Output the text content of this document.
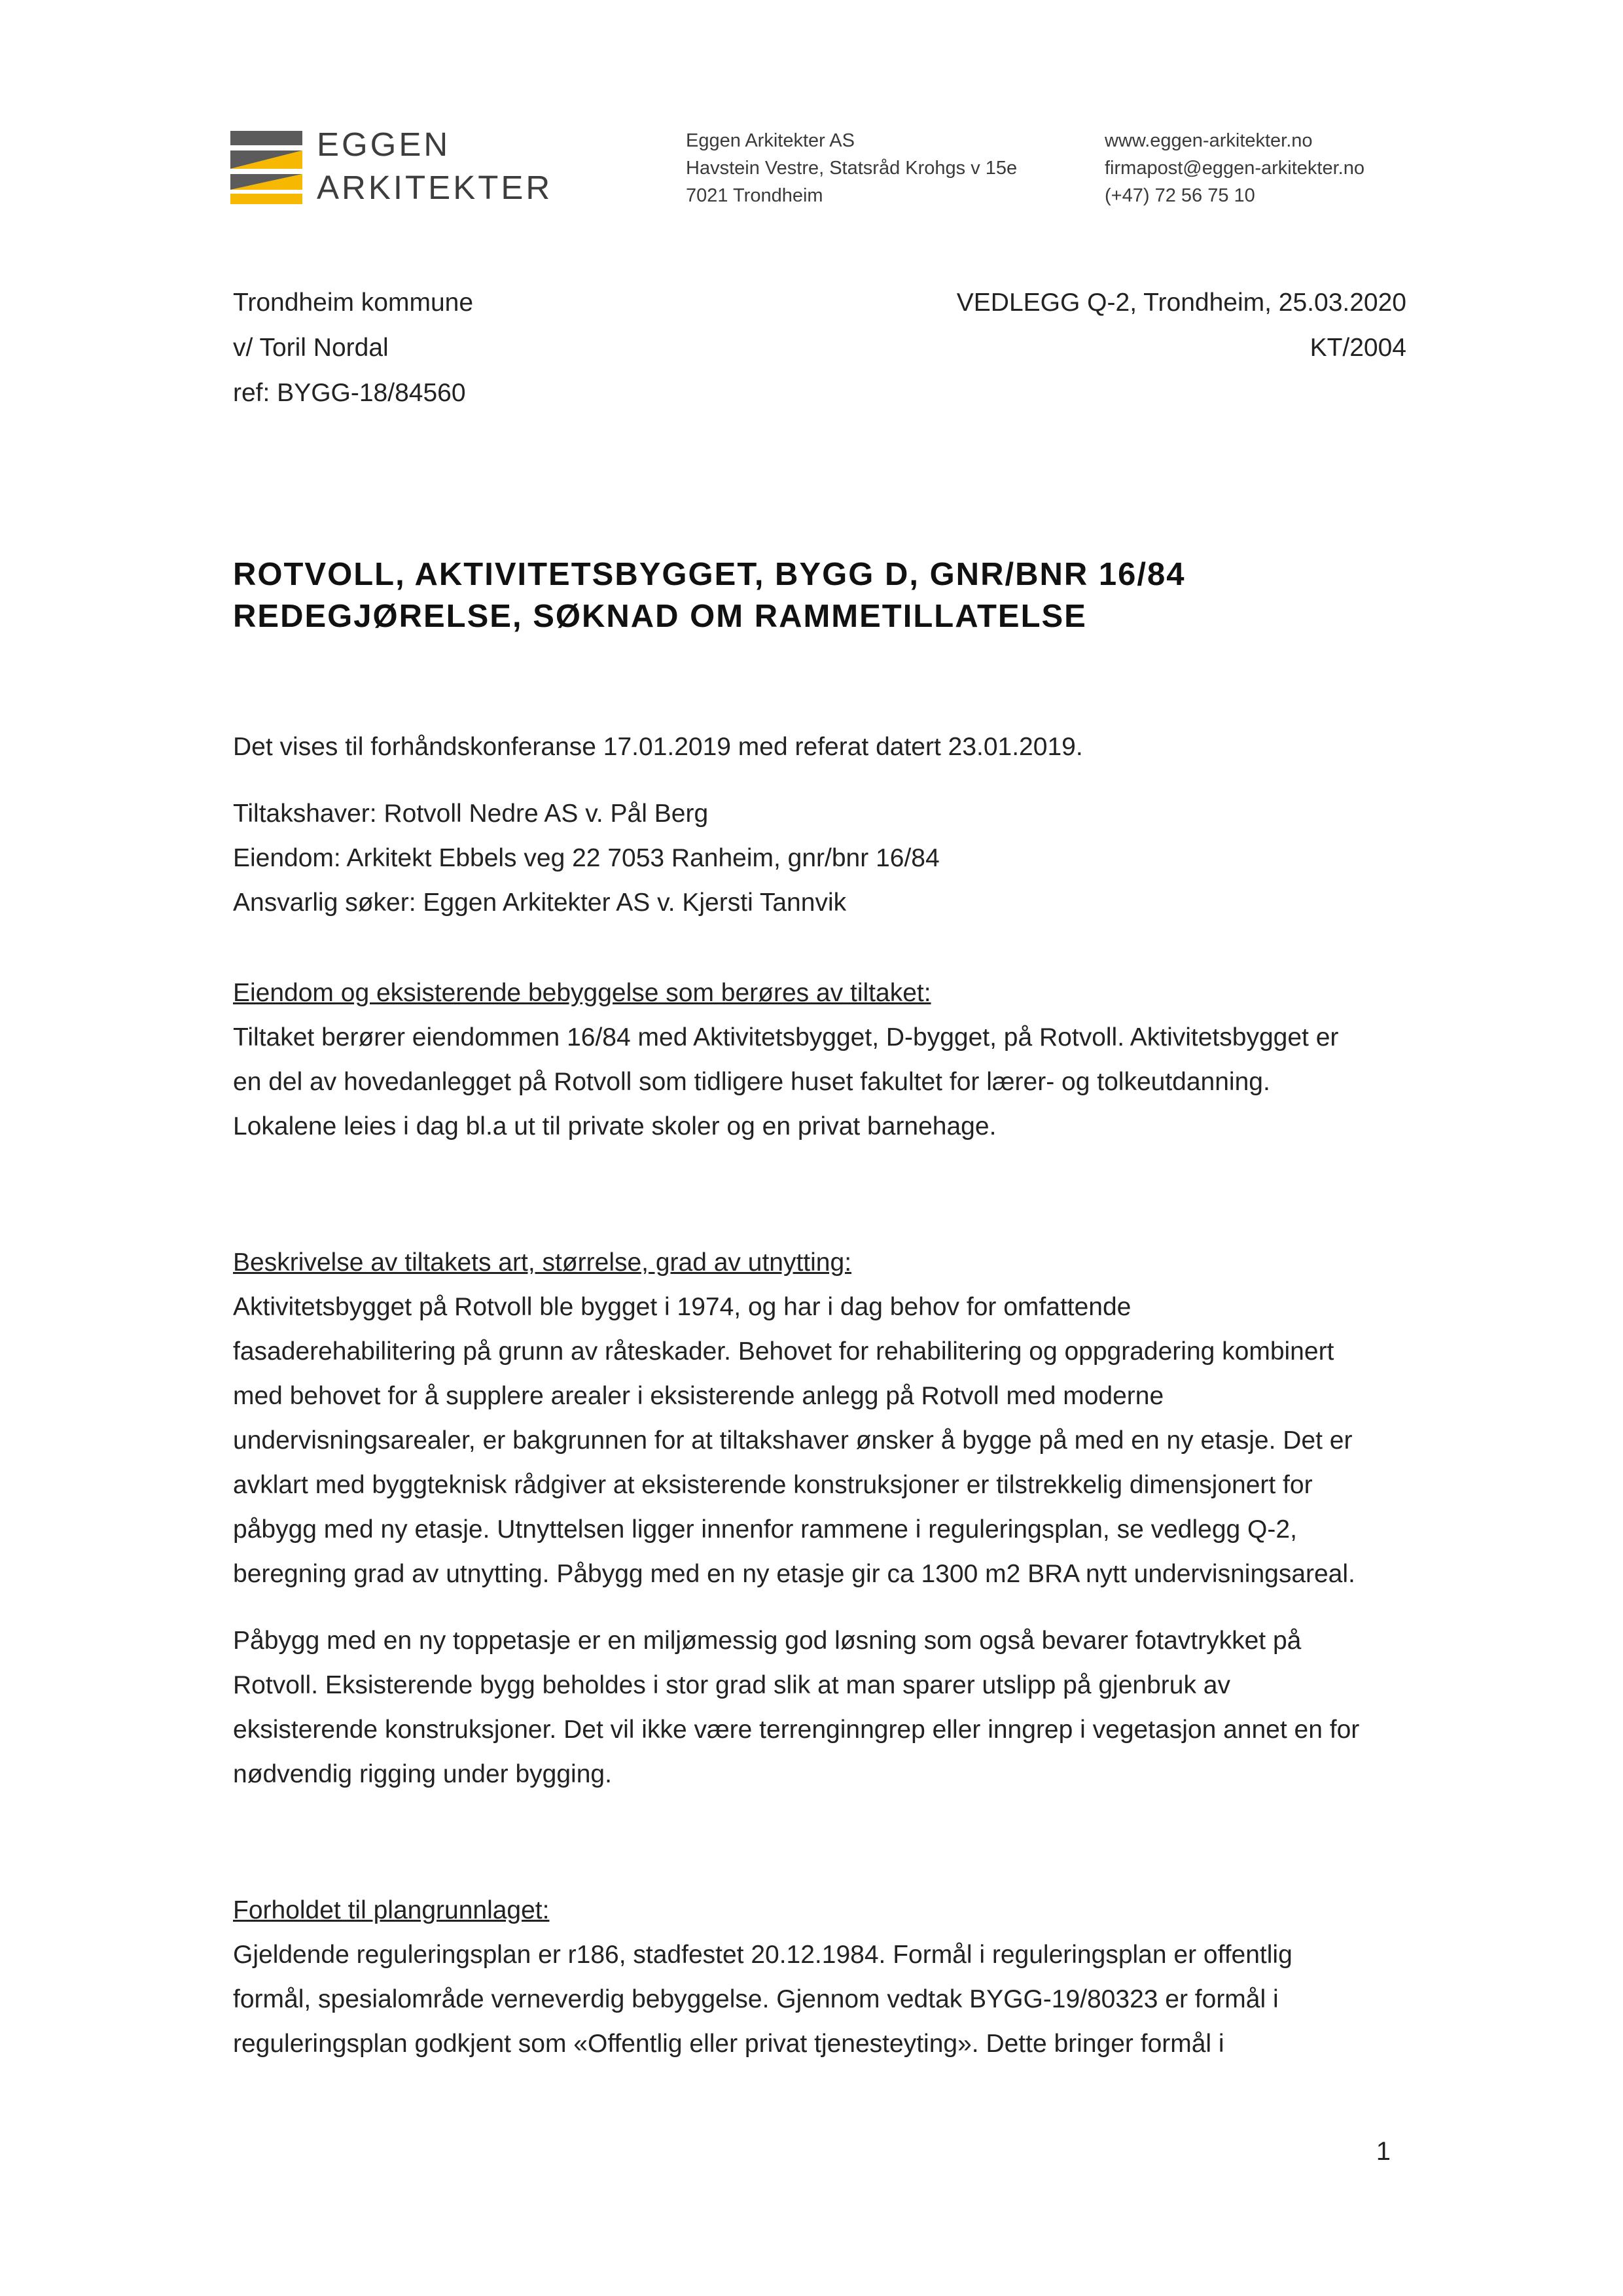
EGGEN
ARKITEKTER
Eggen Arkitekter AS
Havstein Vestre, Statsråd Krohgs v 15e
7021 Trondheim
www.eggen-arkitekter.no
firmapost@eggen-arkitekter.no
(+47) 72 56 75 10
Trondheim kommune
v/ Toril Nordal
ref: BYGG-18/84560
VEDLEGG Q-2, Trondheim, 25.03.2020
KT/2004
ROTVOLL, AKTIVITETSBYGGET, BYGG D, GNR/BNR 16/84
REDEGJØRELSE, SØKNAD OM RAMMETILLATELSE

Det vises til forhåndskonferanse 17.01.2019 med referat datert 23.01.2019.

Tiltakshaver: Rotvoll Nedre AS v. Pål Berg

Eiendom: Arkitekt Ebbels veg 22 7053 Ranheim, gnr/bnr 16/84

Ansvarlig søker: Eggen Arkitekter AS v. Kjersti Tannvik

Eiendom og eksisterende bebyggelse som berøres av tiltaket:

Tiltaket berører eiendommen 16/84 med Aktivitetsbygget, D-bygget, på Rotvoll. Aktivitetsbygget er

en del av hovedanlegget på Rotvoll som tidligere huset fakultet for lærer- og tolkeutdanning.

Lokalene leies i dag bl.a ut til private skoler og en privat barnehage.

Beskrivelse av tiltakets art, størrelse, grad av utnytting:

Aktivitetsbygget på Rotvoll ble bygget i 1974, og har i dag behov for omfattende

fasaderehabilitering på grunn av råteskader. Behovet for rehabilitering og oppgradering kombinert

med behovet for å supplere arealer i eksisterende anlegg på Rotvoll med moderne

undervisningsarealer, er bakgrunnen for at tiltakshaver ønsker å bygge på med en ny etasje. Det er

avklart med byggteknisk rådgiver at eksisterende konstruksjoner er tilstrekkelig dimensjonert for

påbygg med ny etasje. Utnyttelsen ligger innenfor rammene i reguleringsplan, se vedlegg Q-2,

beregning grad av utnytting. Påbygg med en ny etasje gir ca 1300 m2 BRA nytt undervisningsareal.

Påbygg med en ny toppetasje er en miljømessig god løsning som også bevarer fotavtrykket på

Rotvoll. Eksisterende bygg beholdes i stor grad slik at man sparer utslipp på gjenbruk av

eksisterende konstruksjoner. Det vil ikke være terrenginngrep eller inngrep i vegetasjon annet en for

nødvendig rigging under bygging.

Forholdet til plangrunnlaget:

Gjeldende reguleringsplan er r186, stadfestet 20.12.1984. Formål i reguleringsplan er offentlig

formål, spesialområde verneverdig bebyggelse. Gjennom vedtak BYGG-19/80323 er formål i

reguleringsplan godkjent som «Offentlig eller privat tjenesteyting». Dette bringer formål i

1
